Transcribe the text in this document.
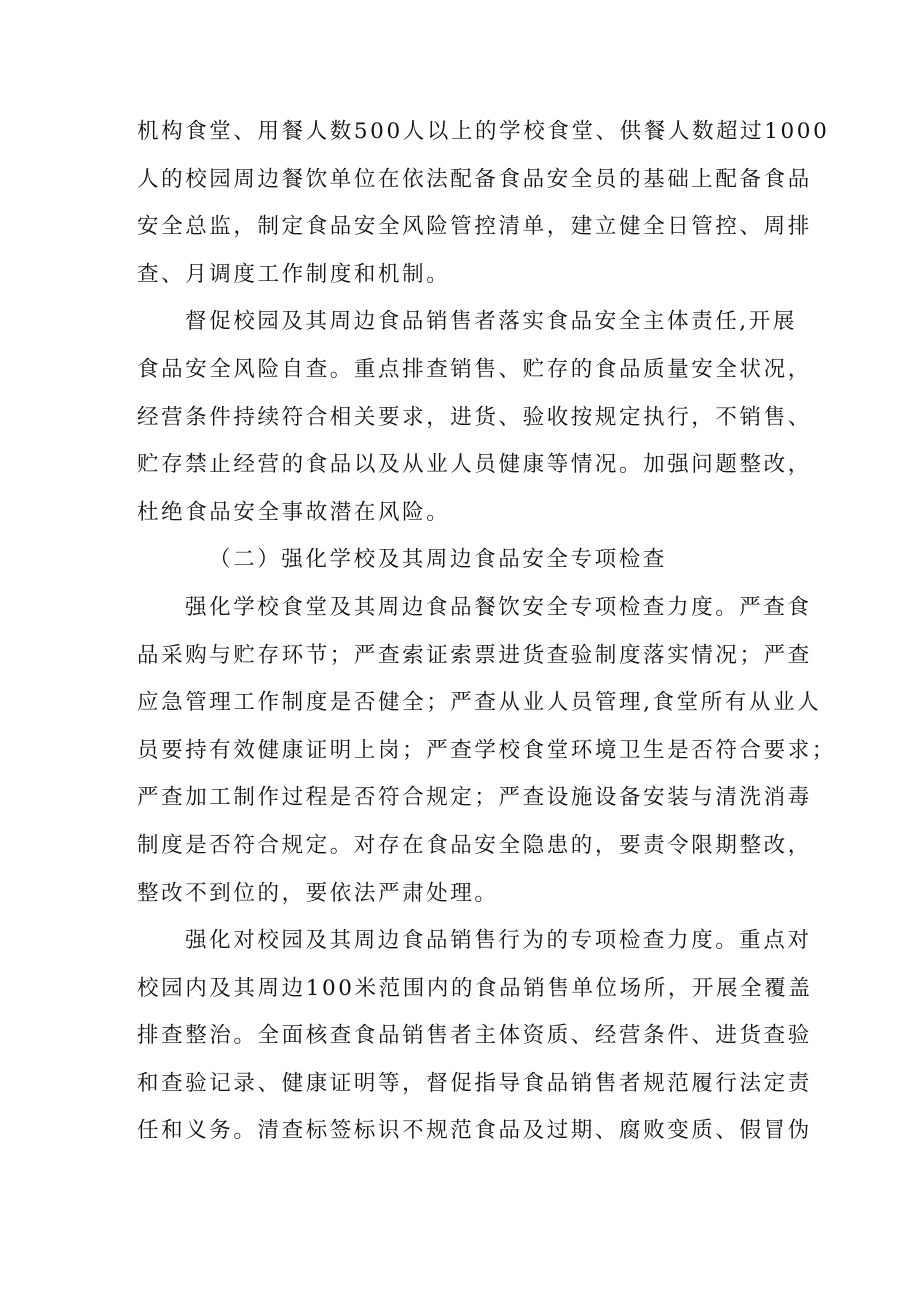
机构食堂、用餐人数500人以上的学校食堂、供餐人数超过1000
人的校园周边餐饮单位在依法配备食品安全员的基础上配备食品
安全总监，制定食品安全风险管控清单，建立健全日管控、周排
查、月调度工作制度和机制。

督促校园及其周边食品销售者落实食品安全主体责任,开展
食品安全风险自查。重点排查销售、贮存的食品质量安全状况，
经营条件持续符合相关要求，进货、验收按规定执行，不销售、
贮存禁止经营的食品以及从业人员健康等情况。加强问题整改，
杜绝食品安全事故潜在风险。

（二）强化学校及其周边食品安全专项检查

强化学校食堂及其周边食品餐饮安全专项检查力度。严查食
品采购与贮存环节；严查索证索票进货查验制度落实情况；严查
应急管理工作制度是否健全；严查从业人员管理,食堂所有从业人
员要持有效健康证明上岗；严查学校食堂环境卫生是否符合要求；
严查加工制作过程是否符合规定；严查设施设备安装与清洗消毒
制度是否符合规定。对存在食品安全隐患的，要责令限期整改，
整改不到位的，要依法严肃处理。

强化对校园及其周边食品销售行为的专项检查力度。重点对
校园内及其周边100米范围内的食品销售单位场所，开展全覆盖
排查整治。全面核查食品销售者主体资质、经营条件、进货查验
和查验记录、健康证明等，督促指导食品销售者规范履行法定责
任和义务。清查标签标识不规范食品及过期、腐败变质、假冒伪
